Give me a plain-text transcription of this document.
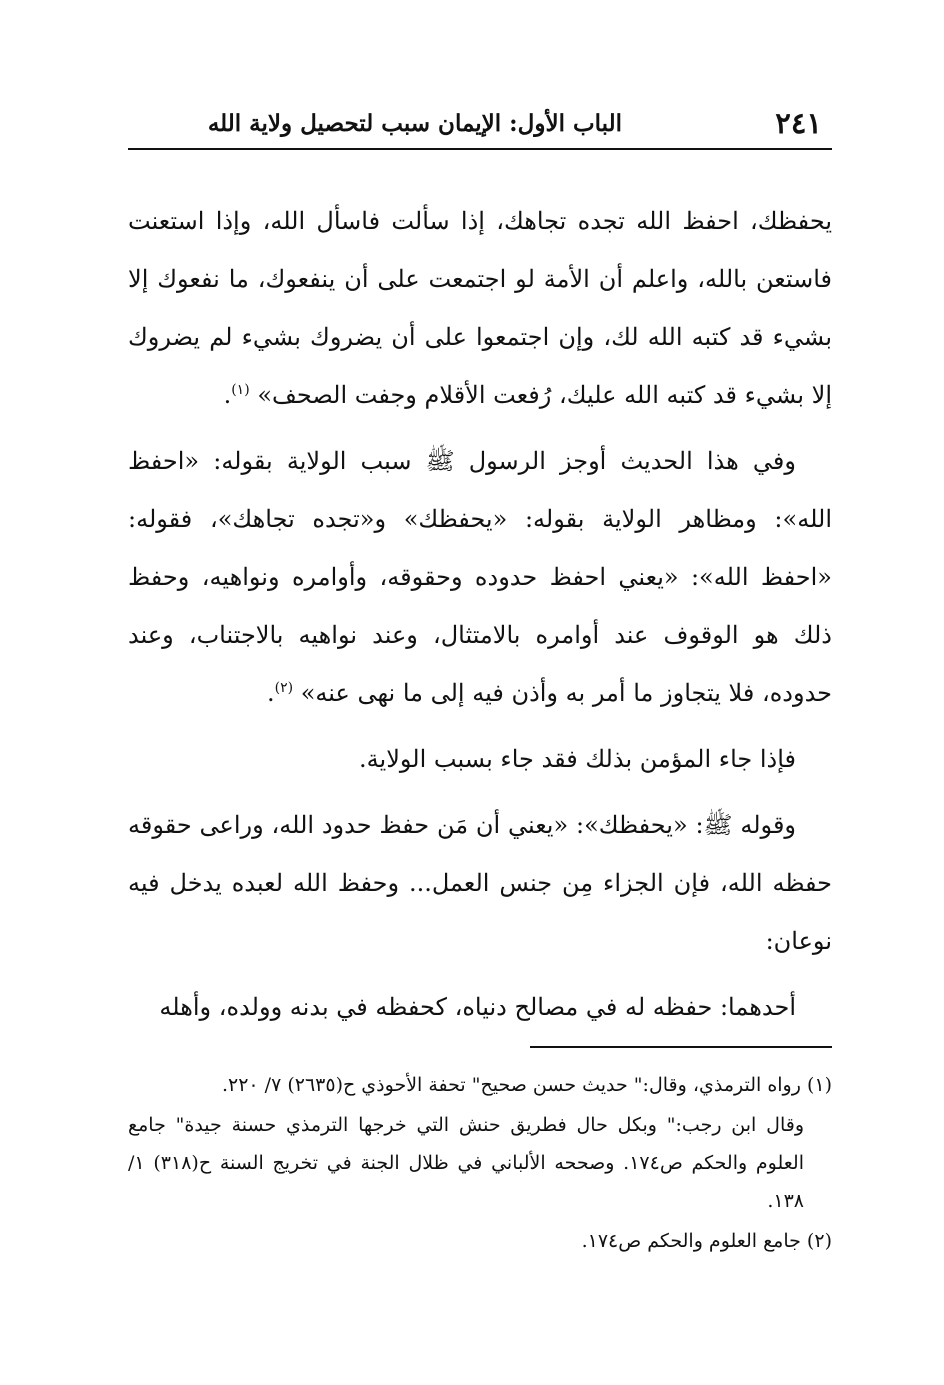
٢٤١
الباب الأول: الإيمان سبب لتحصيل ولاية الله

يحفظك، احفظ الله تجده تجاهك، إذا سألت فاسأل الله، وإذا استعنت فاستعن بالله، واعلم أن الأمة لو اجتمعت على أن ينفعوك، ما نفعوك إلا بشيء قد كتبه الله لك، وإن اجتمعوا على أن يضروك بشيء لم يضروك إلا بشيء قد كتبه الله عليك، رُفعت الأقلام وجفت الصحف» $^{(١)}$.

وفي هذا الحديث أوجز الرسول ﷺ سبب الولاية بقوله: «احفظ الله»: ومظاهر الولاية بقوله: «يحفظك» و«تجده تجاهك»، فقوله: «احفظ الله»: «يعني احفظ حدوده وحقوقه، وأوامره ونواهيه، وحفظ ذلك هو الوقوف عند أوامره بالامتثال، وعند نواهيه بالاجتناب، وعند حدوده، فلا يتجاوز ما أمر به وأذن فيه إلى ما نهى عنه» $^{(٢)}$.

فإذا جاء المؤمن بذلك فقد جاء بسبب الولاية.

وقوله ﷺ: «يحفظك»: «يعني أن مَن حفظ حدود الله، وراعى حقوقه حفظه الله، فإن الجزاء مِن جنس العمل... وحفظ الله لعبده يدخل فيه نوعان:

أحدهما: حفظه له في مصالح دنياه، كحفظه في بدنه وولده، وأهله

(١) رواه الترمذي، وقال:" حديث حسن صحيح" تحفة الأحوذي ح(٢٦٣٥) ٧/ ٢٢٠.

وقال ابن رجب:" وبكل حال فطريق حنش التي خرجها الترمذي حسنة جيدة" جامع العلوم والحكم ص١٧٤. وصححه الألباني في ظلال الجنة في تخريج السنة ح(٣١٨) ١/ ١٣٨.

(٢) جامع العلوم والحكم ص١٧٤.
